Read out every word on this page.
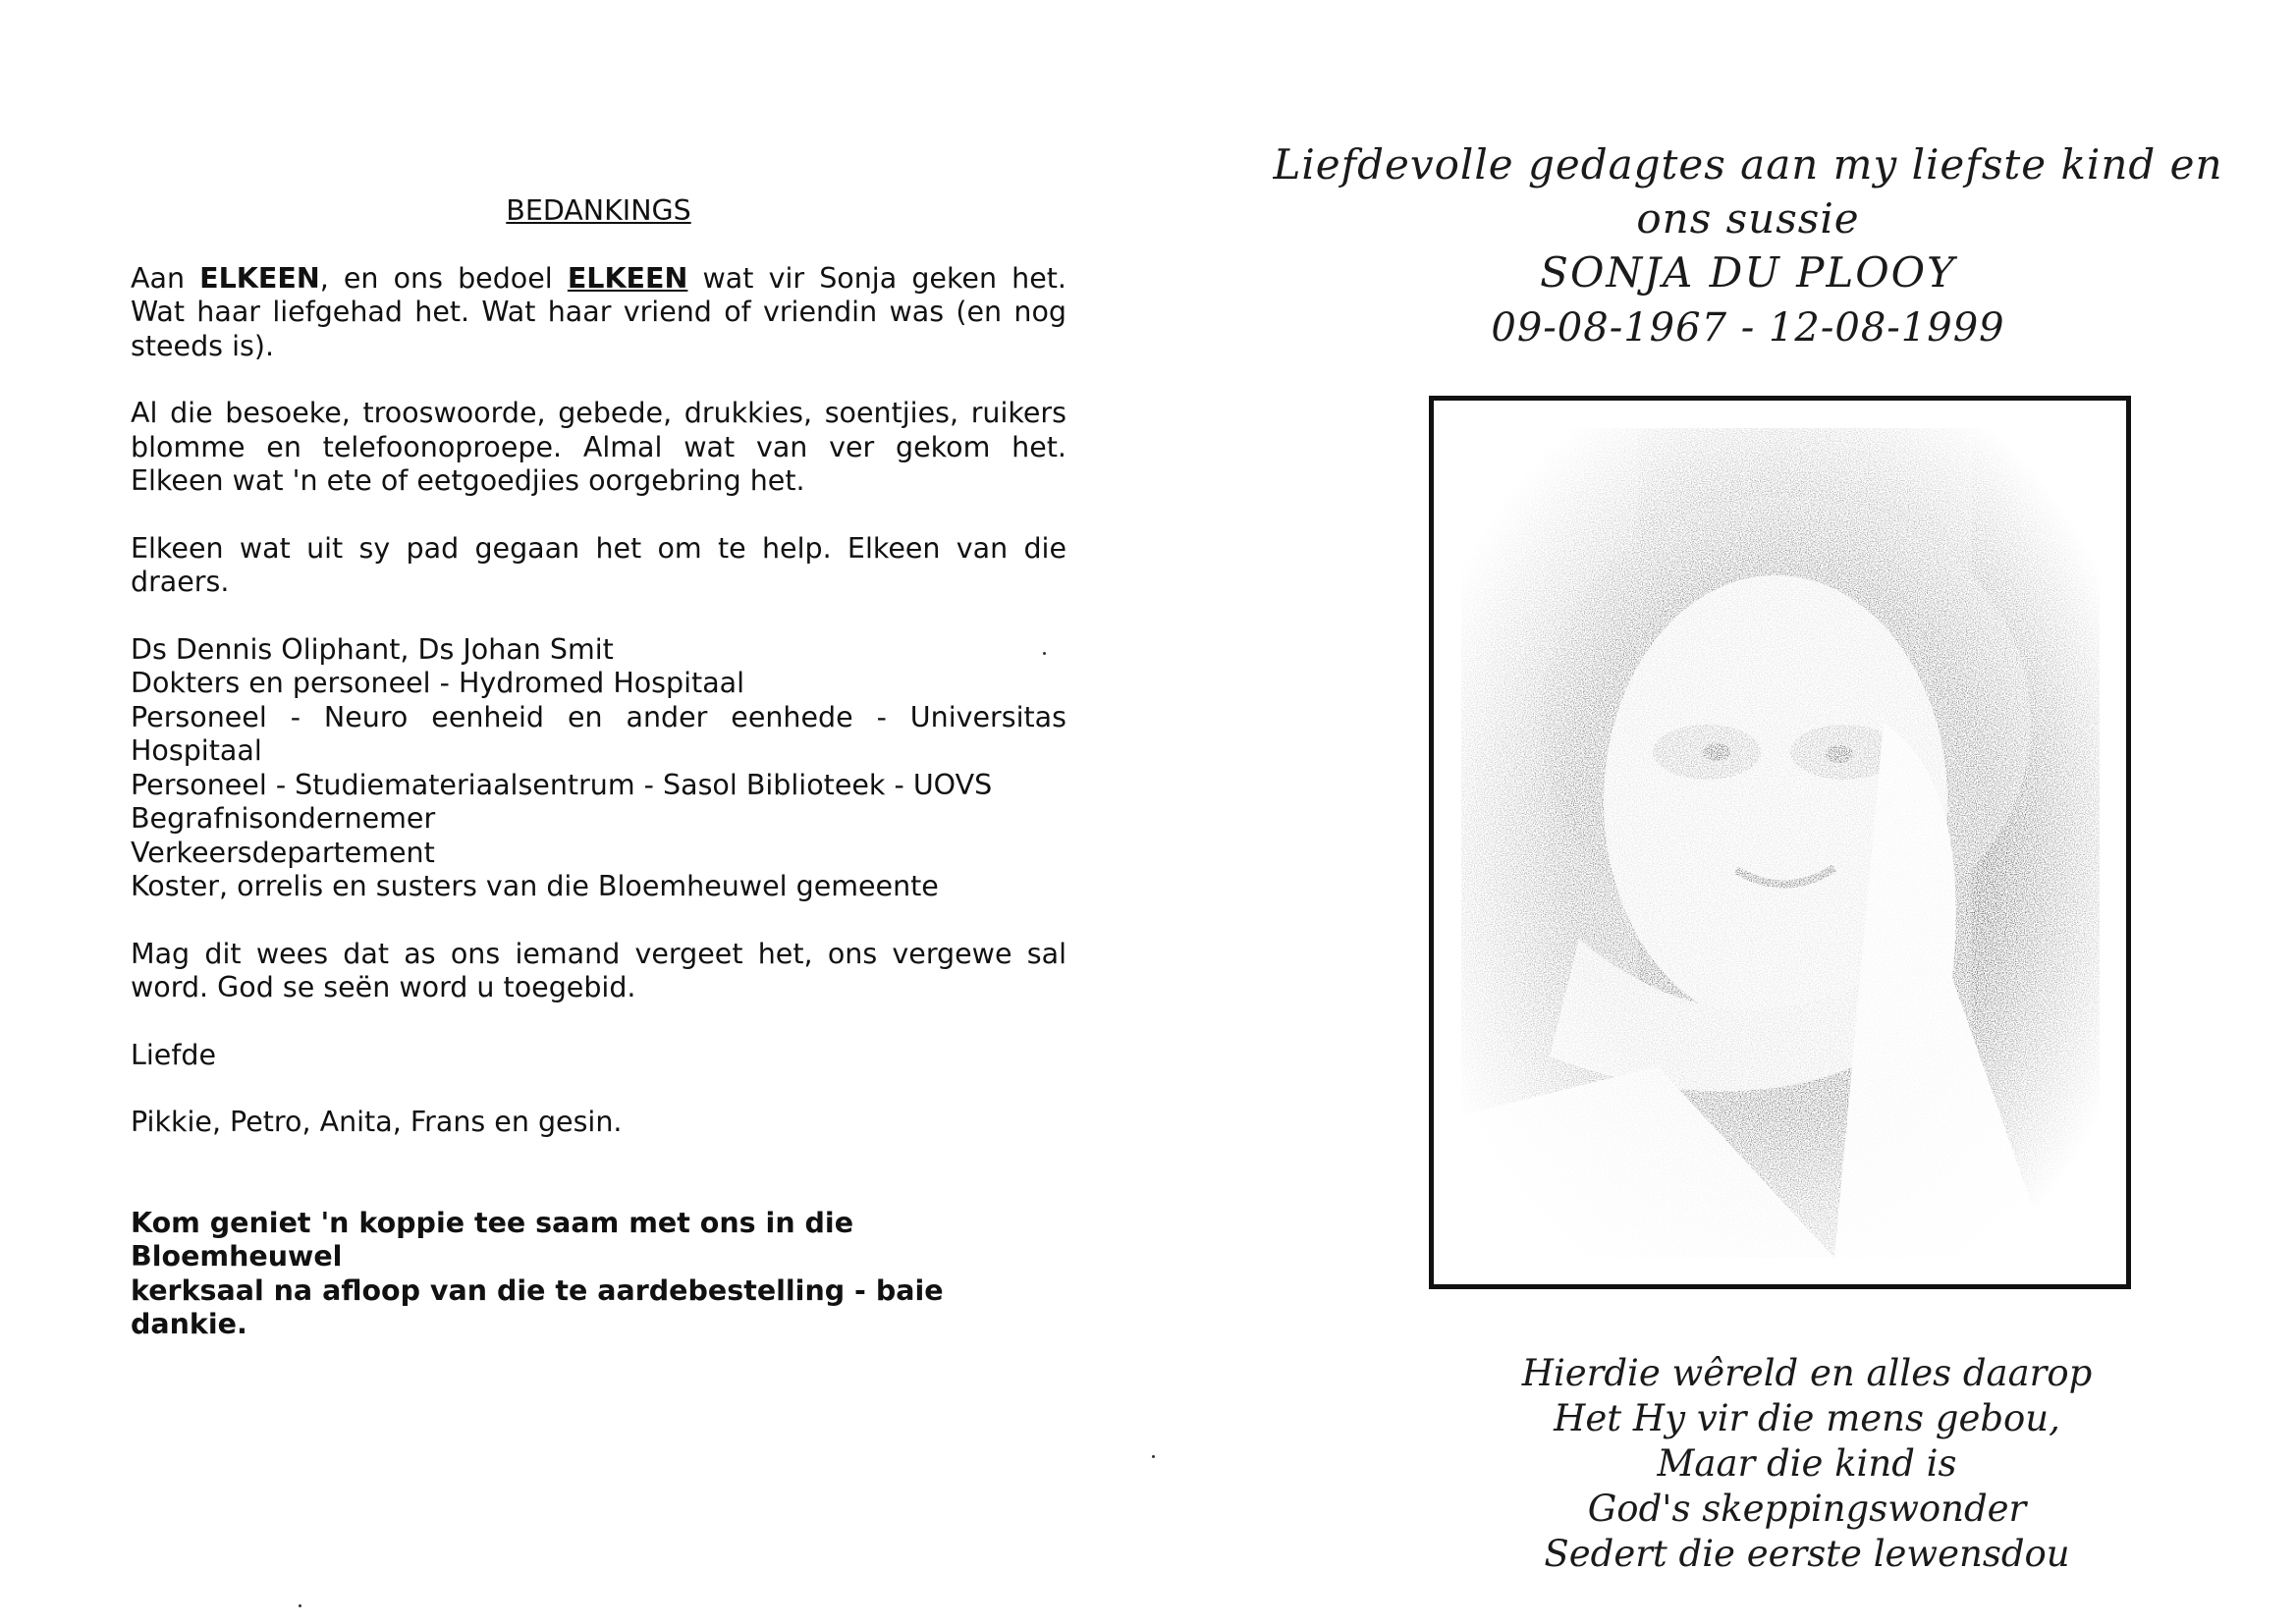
BEDANKINGS
Aan ELKEEN, en ons bedoel ELKEEN wat vir Sonja geken het. Wat haar liefgehad het. Wat haar vriend of vriendin was (en nog steeds is).
Al die besoeke, trooswoorde, gebede, drukkies, soentjies, ruikers blomme en telefoonoproepe. Almal wat van ver gekom het. Elkeen wat 'n ete of eetgoedjies oorgebring het.
Elkeen wat uit sy pad gegaan het om te help. Elkeen van die draers.
Ds Dennis Oliphant, Ds Johan Smit
Dokters en personeel - Hydromed Hospitaal
Personeel - Neuro eenheid en ander eenhede - Universitas
Hospitaal
Personeel - Studiemateriaalsentrum - Sasol Biblioteek - UOVS
Begrafnisondernemer
Verkeersdepartement
Koster, orrelis en susters van die Bloemheuwel gemeente
Mag dit wees dat as ons iemand vergeet het, ons vergewe sal word. God se seën word u toegebid.
Liefde
Pikkie, Petro, Anita, Frans en gesin.
Kom geniet 'n koppie tee saam met ons in die Bloemheuwel
kerksaal na afloop van die te aardebestelling - baie dankie.
Liefdevolle gedagtes aan my liefste kind en
ons sussie
SONJA DU PLOOY
09-08-1967 - 12-08-1999
Hierdie wêreld en alles daarop
Het Hy vir die mens gebou,
Maar die kind is
God's skeppingswonder
Sedert die eerste lewensdou
